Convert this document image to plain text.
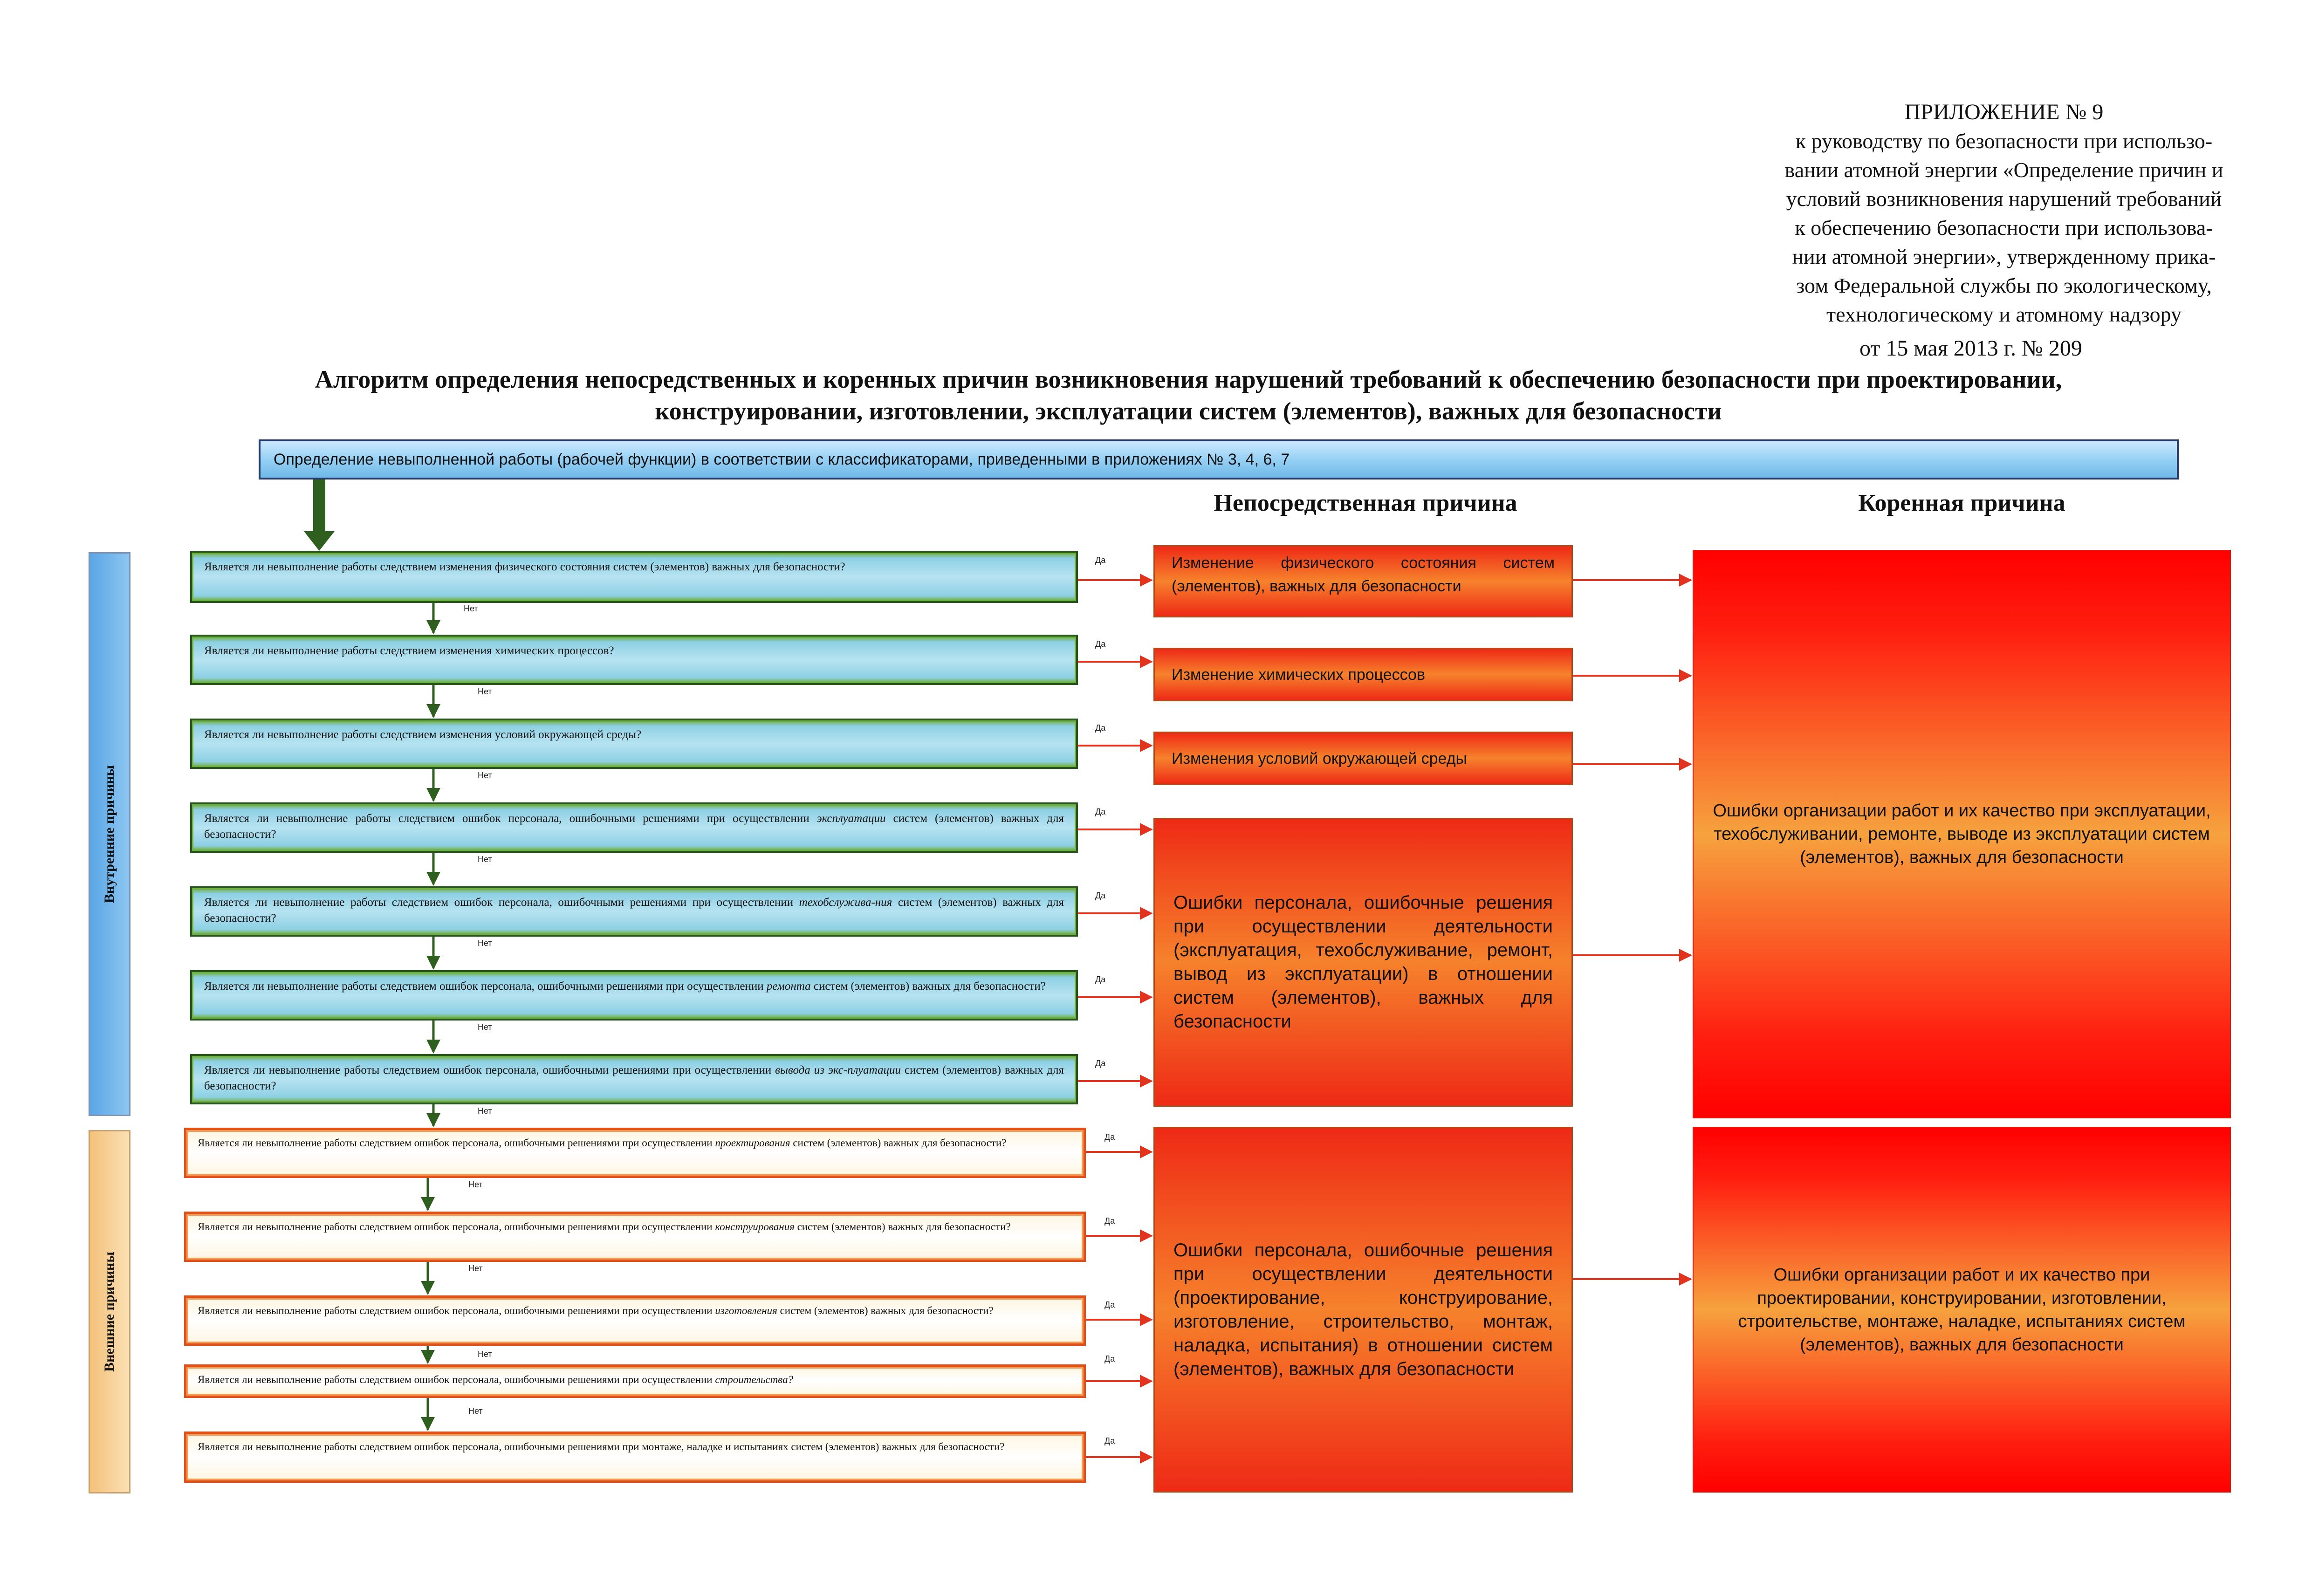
ПРИЛОЖЕНИЕ № 9
к руководству по безопасности при использо-
вании атомной энергии «Определение причин и
условий возникновения нарушений требований
к обеспечению безопасности при использова-
нии атомной энергии», утвержденному прика-
зом Федеральной службы по экологическому,
технологическому и атомному надзору
от 15 мая 2013 г. № 209
Алгоритм определения непосредственных и коренных причин возникновения нарушений требований к обеспечению безопасности при проектировании,
конструировании, изготовлении, эксплуатации систем (элементов), важных для безопасности
Определение невыполненной работы (рабочей функции) в соответствии с классификаторами, приведенными в приложениях № 3, 4, 6, 7
Непосредственная причина	Коренная причина
Внутренние причины
Внешние причины
Является ли невыполнение работы следствием изменения физического состояния систем (элементов) важных для безопасности?
Является ли невыполнение работы следствием изменения химических процессов?
Является ли невыполнение работы следствием изменения условий окружающей среды?
Является ли невыполнение работы следствием ошибок персонала, ошибочными решениями при осуществлении эксплуатации систем (элементов) важных для безопасности?
Является ли невыполнение работы следствием ошибок персонала, ошибочными решениями при осуществлении техобслужива-ния систем (элементов) важных для безопасности?
Является ли невыполнение работы следствием ошибок персонала, ошибочными решениями при осуществлении ремонта систем (элементов) важных для безопасности?
Является ли невыполнение работы следствием ошибок персонала, ошибочными решениями при осуществлении вывода из экс-плуатации систем (элементов) важных для безопасности?
Является ли невыполнение работы следствием ошибок персонала, ошибочными решениями при осуществлении проектирования систем (элементов) важных для безопасности?
Является ли невыполнение работы следствием ошибок персонала, ошибочными решениями при осуществлении конструирования систем (элементов) важных для безопасности?
Является ли невыполнение работы следствием ошибок персонала, ошибочными решениями при осуществлении изготовления систем (элементов) важных для безопасности?
Является ли невыполнение работы следствием ошибок персонала, ошибочными решениями при осуществлении строительства?
Является ли невыполнение работы следствием ошибок персонала, ошибочными решениями при монтаже, наладке и испытаниях систем (элементов) важных для безопасности?
Нет
Нет
Нет
Нет
Нет
Нет
Нет
Нет
Нет
Нет
Нет
Да
Да
Да
Да
Да
Да
Да
Да
Да
Да
Да
Да
Изменение физического состояния систем (элементов), важных для безопасности
Изменение химических процессов
Изменения условий окружающей среды
Ошибки персонала, ошибочные решения при осуществлении деятельности (эксплуатация, техобслуживание, ремонт, вывод из эксплуатации) в отношении систем (элементов), важных для безопасности
Ошибки персонала, ошибочные решения при осуществлении деятельности (проектирование, конструирование, изготовление, строительство, монтаж, наладка, испытания) в отношении систем (элементов), важных для безопасности
Ошибки организации работ и их качество при эксплуатации, техобслуживании, ремонте, выводе из эксплуатации систем (элементов), важных для безопасности
Ошибки организации работ и их качество при проектировании, конструировании, изготовлении, строительстве, монтаже, наладке, испытаниях систем (элементов), важных для безопасности
